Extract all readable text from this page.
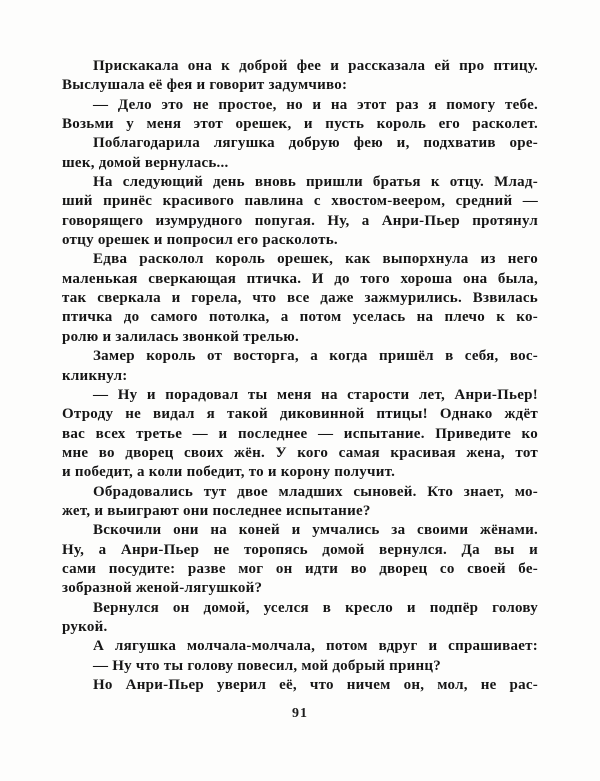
Прискакала она к доброй фее и рассказала ей про птицу.
Выслушала её фея и говорит задумчиво:
— Дело это не простое, но и на этот раз я помогу тебе.
Возьми у меня этот орешек, и пусть король его расколет.
Поблагодарила лягушка добрую фею и, подхватив оре-
шек, домой вернулась...
На следующий день вновь пришли братья к отцу. Млад-
ший принёс красивого павлина с хвостом-веером, средний —
говорящего изумрудного попугая. Ну, а Анри-Пьер протянул
отцу орешек и попросил его расколоть.
Едва расколол король орешек, как выпорхнула из него
маленькая сверкающая птичка. И до того хороша она была,
так сверкала и горела, что все даже зажмурились. Взвилась
птичка до самого потолка, а потом уселась на плечо к ко-
ролю и залилась звонкой трелью.
Замер король от восторга, а когда пришёл в себя, вос-
кликнул:
— Ну и порадовал ты меня на старости лет, Анри-Пьер!
Отроду не видал я такой диковинной птицы! Однако ждёт
вас всех третье — и последнее — испытание. Приведите ко
мне во дворец своих жён. У кого самая красивая жена, тот
и победит, а коли победит, то и корону получит.
Обрадовались тут двое младших сыновей. Кто знает, мо-
жет, и выиграют они последнее испытание?
Вскочили они на коней и умчались за своими жёнами.
Ну, а Анри-Пьер не торопясь домой вернулся. Да вы и
сами посудите: разве мог он идти во дворец со своей бе-
зобразной женой-лягушкой?
Вернулся он домой, уселся в кресло и подпёр голову
рукой.
А лягушка молчала-молчала, потом вдруг и спрашивает:
— Ну что ты голову повесил, мой добрый принц?
Но Анри-Пьер уверил её, что ничем он, мол, не рас-
91
